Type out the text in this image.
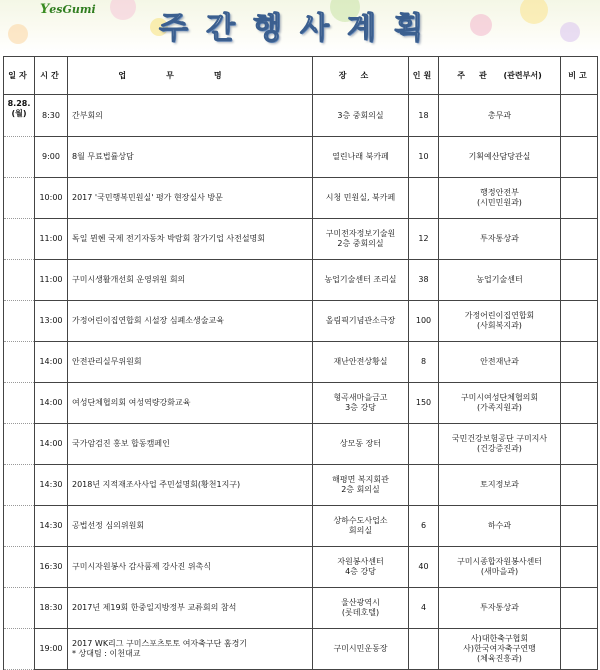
YesGumi
주간행사계획
일자	시간	업무명	장소	인원	주관 (관련부서)	비고

8.28.
(월)	8:30	간부회의	3층 중회의실	18	총무과	

	9:00	8월 무료법률상담	열린나래 북카페	10	기획예산담당관실	

	10:00	2017 '국민행복민원실' 평가 현장실사 방문	시청 민원실, 북카페		행정안전부
(시민민원과)	

	11:00	독일 뮌헨 국제 전기자동차 박람회 참가기업 사전설명회	구미전자정보기술원
2층 중회의실	12	투자통상과	

	11:00	구미시생활개선회 운영위원 회의	농업기술센터 조리실	38	농업기술센터	

	13:00	가정어린이집연합회 시설장 심폐소생술교육	올림픽기념관소극장	100	가정어린이집연합회
(사회복지과)	

	14:00	안전관리실무위원회	재난안전상황실	8	안전재난과	

	14:00	여성단체협의회 여성역량강화교육	형곡새마을금고
3층 강당	150	구미시여성단체협의회
(가족지원과)	

	14:00	국가암검진 홍보 합동캠페인	상모동 장터		국민건강보험공단 구미지사
(건강증진과)	

	14:30	2018년 지적재조사사업 주민설명회(황천1지구)	해평면 복지회관
2층 회의실		토지정보과	

	14:30	공법선정 심의위원회	상하수도사업소
회의실	6	하수과	

	16:30	구미시자원봉사 감사품제 강사진 위촉식	자원봉사센터
4층 강당	40	구미시종합자원봉사센터
(새마을과)	

	18:30	2017년 제19회 한중일지방정부 교류회의 참석	울산광역시
(롯데호텔)	4	투자통상과	

	19:00	2017 WK리그 구미스포츠토토 여자축구단 홈경기
* 상대팀 : 이천대교	구미시민운동장		사)대한축구협회
사)한국여자축구연맹
(체육진흥과)	
